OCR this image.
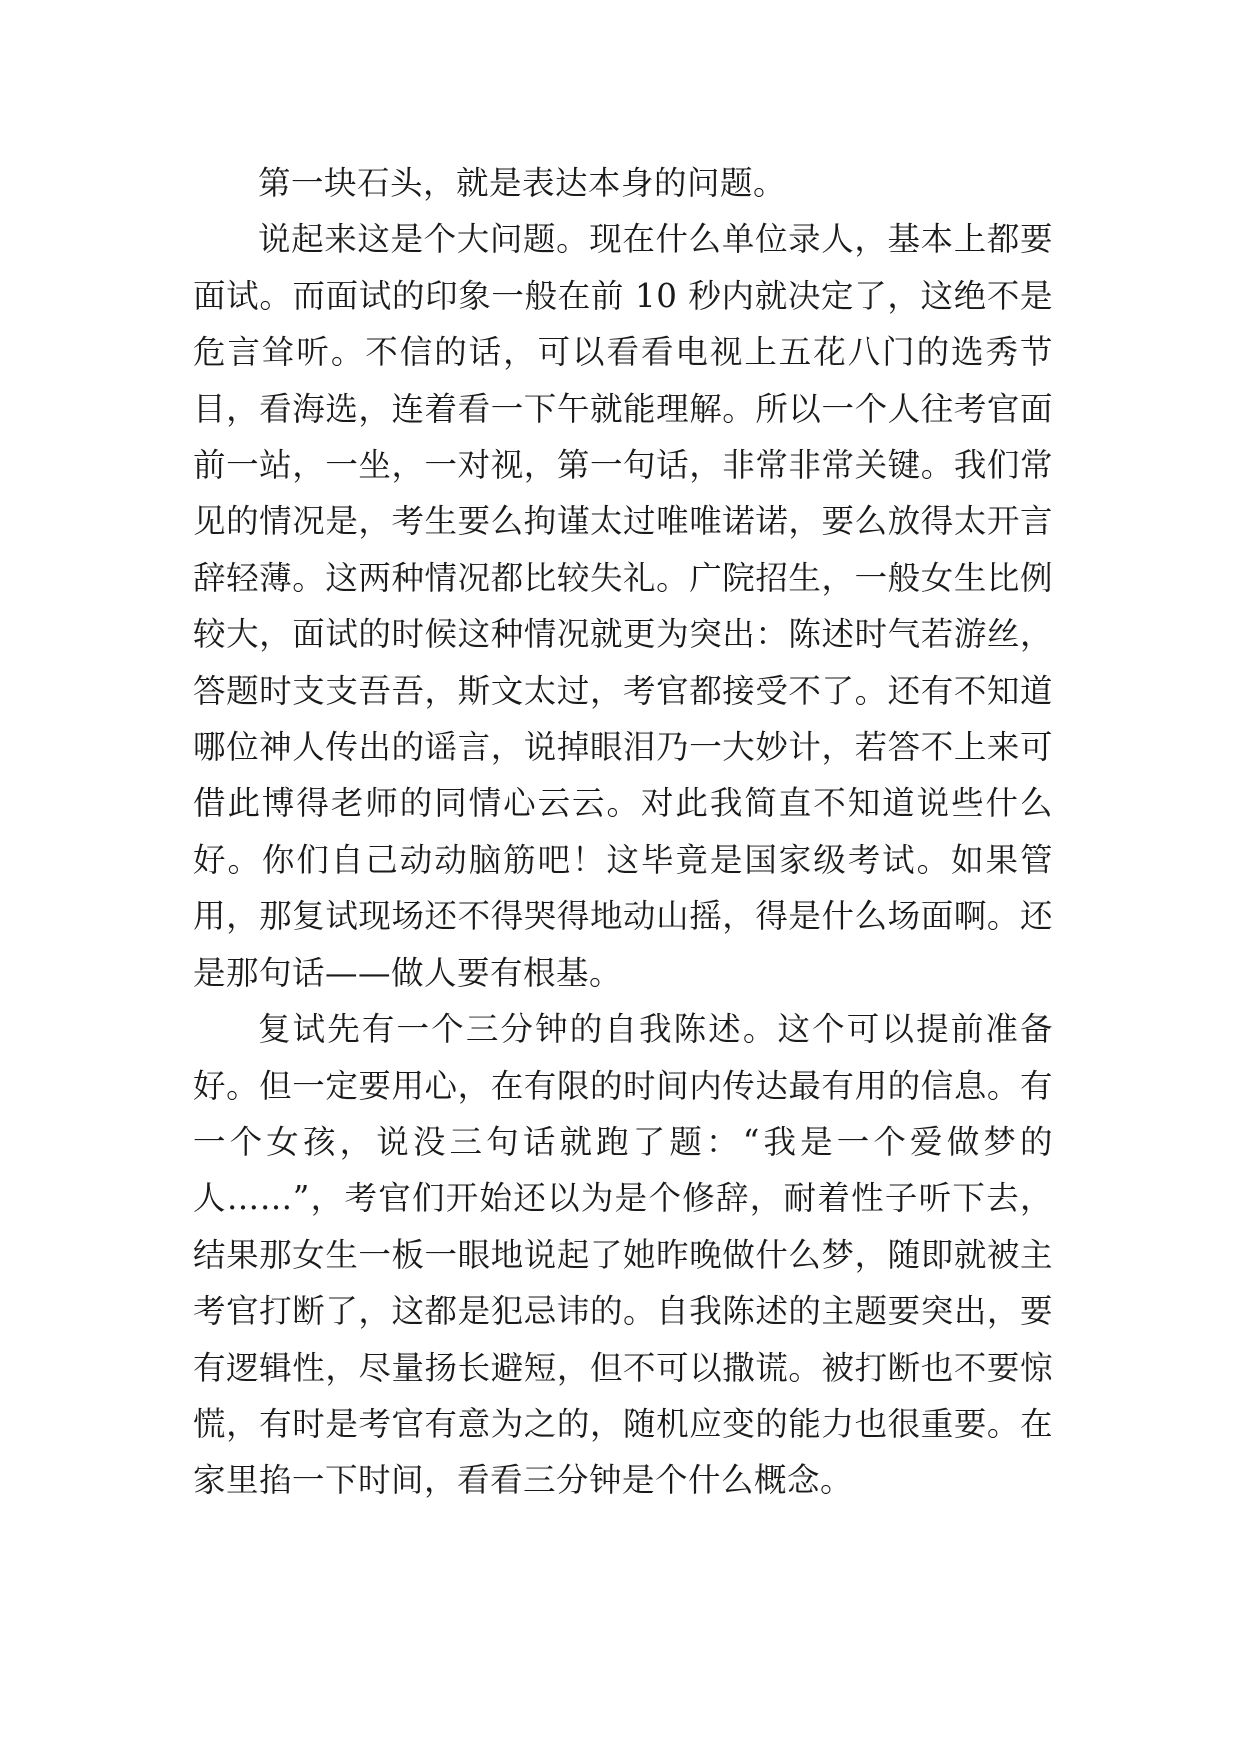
第一块石头，就是表达本身的问题。

说起来这是个大问题。现在什么单位录人，基本上都要面试。而面试的印象一般在前 10 秒内就决定了，这绝不是危言耸听。不信的话，可以看看电视上五花八门的选秀节目，看海选，连着看一下午就能理解。所以一个人往考官面前一站，一坐，一对视，第一句话，非常非常关键。我们常见的情况是，考生要么拘谨太过唯唯诺诺，要么放得太开言辞轻薄。这两种情况都比较失礼。广院招生，一般女生比例较大，面试的时候这种情况就更为突出：陈述时气若游丝，答题时支支吾吾，斯文太过，考官都接受不了。还有不知道哪位神人传出的谣言，说掉眼泪乃一大妙计，若答不上来可借此博得老师的同情心云云。对此我简直不知道说些什么好。你们自己动动脑筋吧！这毕竟是国家级考试。如果管用，那复试现场还不得哭得地动山摇，得是什么场面啊。还是那句话——做人要有根基。

复试先有一个三分钟的自我陈述。这个可以提前准备好。但一定要用心，在有限的时间内传达最有用的信息。有一个女孩，说没三句话就跑了题：“我是一个爱做梦的人……”，考官们开始还以为是个修辞，耐着性子听下去，结果那女生一板一眼地说起了她昨晚做什么梦，随即就被主考官打断了，这都是犯忌讳的。自我陈述的主题要突出，要有逻辑性，尽量扬长避短，但不可以撒谎。被打断也不要惊慌，有时是考官有意为之的，随机应变的能力也很重要。在家里掐一下时间，看看三分钟是个什么概念。
